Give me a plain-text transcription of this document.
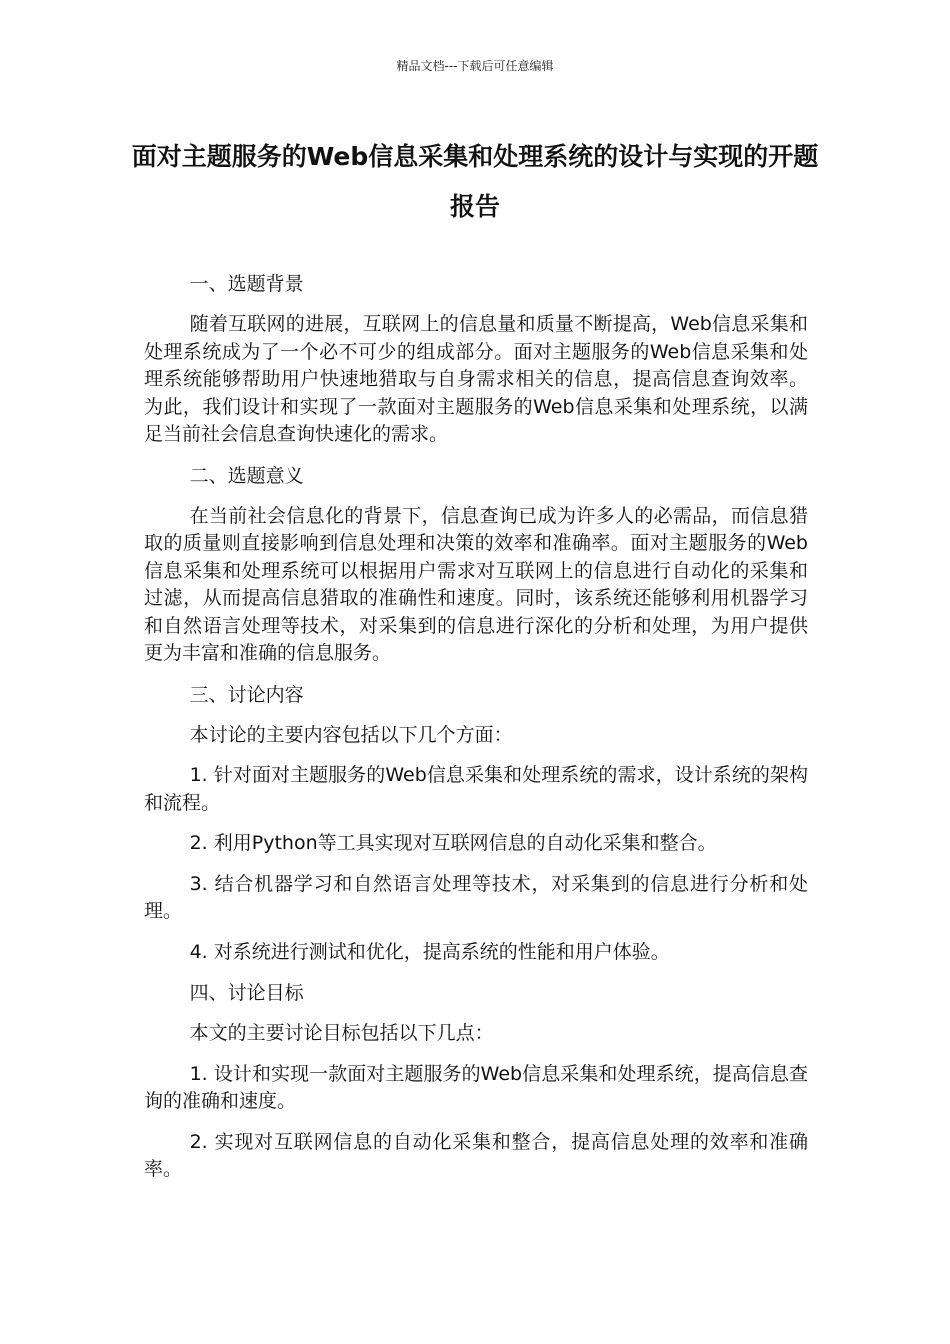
精品文档---下载后可任意编辑
面对主题服务的Web信息采集和处理系统的设计与实现的开题报告

一、选题背景

随着互联网的进展，互联网上的信息量和质量不断提高，Web信息采集和处理系统成为了一个必不可少的组成部分。面对主题服务的Web信息采集和处理系统能够帮助用户快速地猎取与自身需求相关的信息，提高信息查询效率。为此，我们设计和实现了一款面对主题服务的Web信息采集和处理系统，以满足当前社会信息查询快速化的需求。

二、选题意义

在当前社会信息化的背景下，信息查询已成为许多人的必需品，而信息猎取的质量则直接影响到信息处理和决策的效率和准确率。面对主题服务的Web信息采集和处理系统可以根据用户需求对互联网上的信息进行自动化的采集和过滤，从而提高信息猎取的准确性和速度。同时，该系统还能够利用机器学习和自然语言处理等技术，对采集到的信息进行深化的分析和处理，为用户提供更为丰富和准确的信息服务。

三、讨论内容

本讨论的主要内容包括以下几个方面：

1. 针对面对主题服务的Web信息采集和处理系统的需求，设计系统的架构和流程。

2. 利用Python等工具实现对互联网信息的自动化采集和整合。

3. 结合机器学习和自然语言处理等技术，对采集到的信息进行分析和处理。

4. 对系统进行测试和优化，提高系统的性能和用户体验。

四、讨论目标

本文的主要讨论目标包括以下几点：

1. 设计和实现一款面对主题服务的Web信息采集和处理系统，提高信息查询的准确和速度。

2. 实现对互联网信息的自动化采集和整合，提高信息处理的效率和准确率。
